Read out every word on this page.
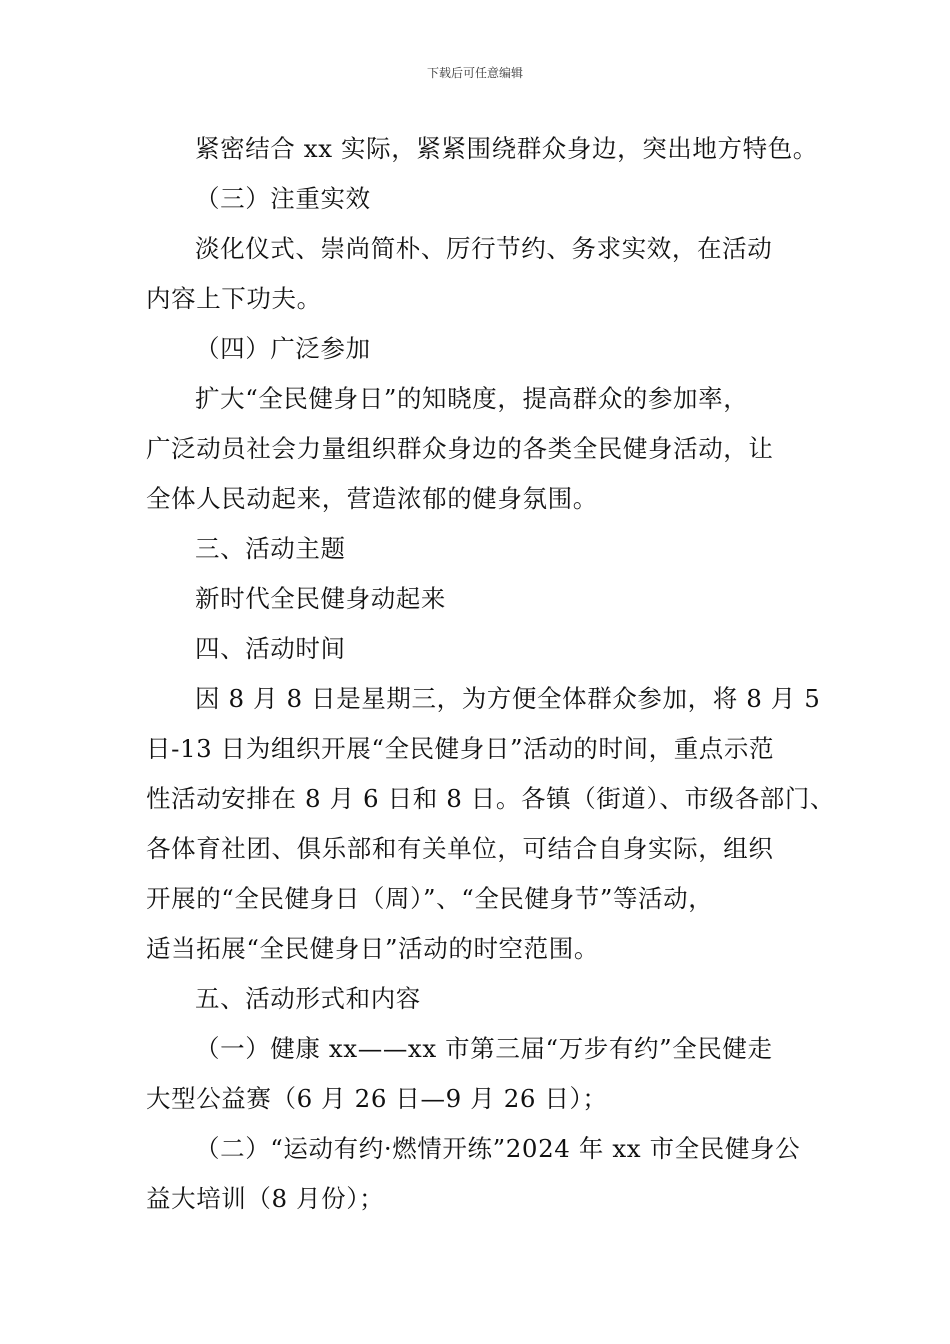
下载后可任意编辑
紧密结合 xx 实际，紧紧围绕群众身边，突出地方特色。
（三）注重实效
淡化仪式、崇尚简朴、厉行节约、务求实效，在活动
内容上下功夫。
（四）广泛参加
扩大“全民健身日”的知晓度，提高群众的参加率，
广泛动员社会力量组织群众身边的各类全民健身活动，让
全体人民动起来，营造浓郁的健身氛围。
三、活动主题
新时代全民健身动起来
四、活动时间
因 8 月 8 日是星期三，为方便全体群众参加，将 8 月 5
日-13 日为组织开展“全民健身日”活动的时间，重点示范
性活动安排在 8 月 6 日和 8 日。各镇（街道）、市级各部门、
各体育社团、俱乐部和有关单位，可结合自身实际，组织
开展的“全民健身日（周）”、“全民健身节”等活动，
适当拓展“全民健身日”活动的时空范围。
五、活动形式和内容
（一）健康 xx——xx 市第三届“万步有约”全民健走
大型公益赛（6 月 26 日—9 月 26 日）；
（二）“运动有约·燃情开练”2024 年 xx 市全民健身公
益大培训（8 月份）；
